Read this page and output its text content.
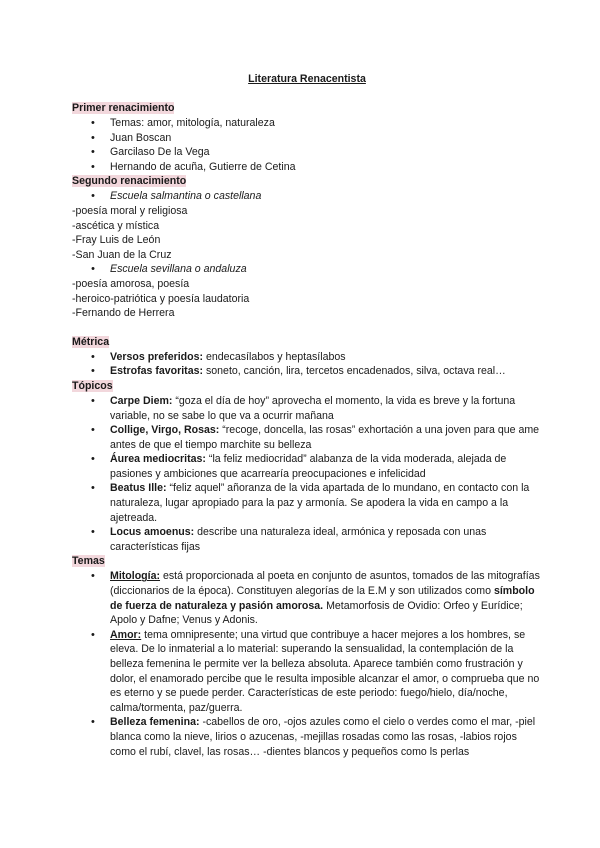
Literatura Renacentista
Primer renacimiento
• Temas: amor, mitología, naturaleza
• Juan Boscan
• Garcilaso De la Vega
• Hernando de acuña, Gutierre de Cetina
Segundo renacimiento
• Escuela salmantina o castellana
-poesía moral y religiosa
-ascética y mística
-Fray Luis de León
-San Juan de la Cruz
• Escuela sevillana o andaluza
-poesía amorosa, poesía
-heroico-patriótica y poesía laudatoria
-Fernando de Herrera
Métrica
• Versos preferidos: endecasílabos y heptasílabos
• Estrofas favoritas: soneto, canción, lira, tercetos encadenados, silva, octava real…
Tópicos
• Carpe Diem: “goza el día de hoy” aprovecha el momento, la vida es breve y la fortuna variable, no se sabe lo que va a ocurrir mañana
• Collige, Virgo, Rosas: “recoge, doncella, las rosas” exhortación a una joven para que ame antes de que el tiempo marchite su belleza
• Áurea mediocritas: “la feliz mediocridad” alabanza de la vida moderada, alejada de pasiones y ambiciones que acarrearía preocupaciones e infelicidad
• Beatus Ille: “feliz aquel” añoranza de la vida apartada de lo mundano, en contacto con la naturaleza, lugar apropiado para la paz y armonía. Se apodera la vida en campo a la ajetreada.
• Locus amoenus: describe una naturaleza ideal, armónica y reposada con unas características fijas
Temas
• Mitología: está proporcionada al poeta en conjunto de asuntos, tomados de las mitografías (diccionarios de la época). Constituyen alegorías de la E.M y son utilizados como símbolo de fuerza de naturaleza y pasión amorosa. Metamorfosis de Ovidio: Orfeo y Eurídice; Apolo y Dafne; Venus y Adonis.
• Amor: tema omnipresente; una virtud que contribuye a hacer mejores a los hombres, se eleva. De lo inmaterial a lo material: superando la sensualidad, la contemplación de la belleza femenina le permite ver la belleza absoluta. Aparece también como frustración y dolor, el enamorado percibe que le resulta imposible alcanzar el amor, o comprueba que no es eterno y se puede perder. Características de este periodo: fuego/hielo, día/noche, calma/tormenta, paz/guerra.
• Belleza femenina: -cabellos de oro, -ojos azules como el cielo o verdes como el mar, -piel blanca como la nieve, lirios o azucenas, -mejillas rosadas como las rosas, -labios rojos como el rubí, clavel, las rosas… -dientes blancos y pequeños como ls perlas
